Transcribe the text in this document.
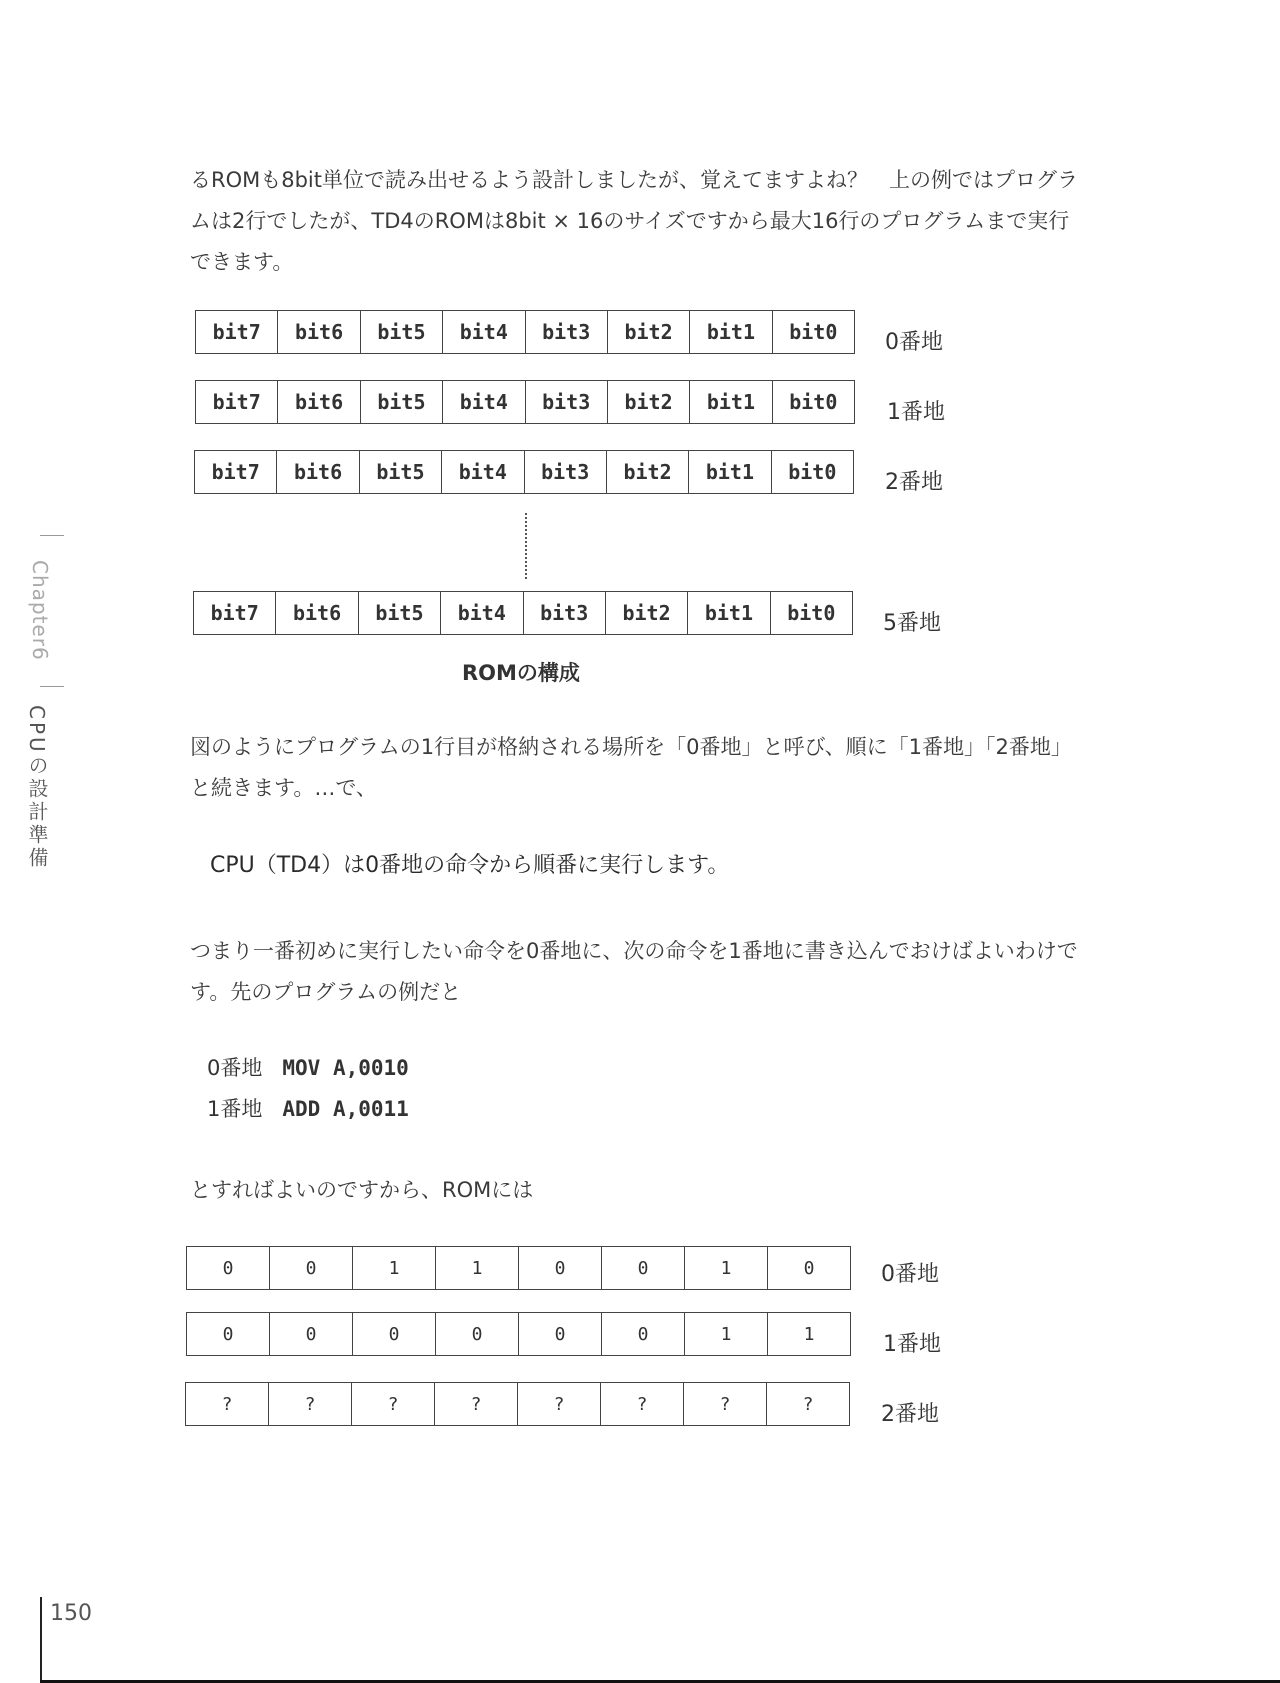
るROMも8bit単位で読み出せるよう設計しましたが、覚えてますよね？　上の例ではプログラ
ムは2行でしたが、TD4のROMは8bit × 16のサイズですから最大16行のプログラムまで実行
できます。

bit7	bit6	bit5	bit4	bit3	bit2	bit1	bit0	0番地
bit7	bit6	bit5	bit4	bit3	bit2	bit1	bit0	1番地
bit7	bit6	bit5	bit4	bit3	bit2	bit1	bit0	2番地
bit7	bit6	bit5	bit4	bit3	bit2	bit1	bit0	5番地
ROMの構成

図のようにプログラムの1行目が格納される場所を「0番地」と呼び、順に「1番地」「2番地」
と続きます。…で、

CPU（TD4）は0番地の命令から順番に実行します。

つまり一番初めに実行したい命令を0番地に、次の命令を1番地に書き込んでおけばよいわけで
す。先のプログラムの例だと

0番地 MOV A,0010
1番地 ADD A,0011

とすればよいのですから、ROMには

0	0	1	1	0	0	1	0	0番地
0	0	0	0	0	0	1	1	1番地
?	?	?	?	?	?	?	?	2番地
Chapter6
CPUの設計準備
150
